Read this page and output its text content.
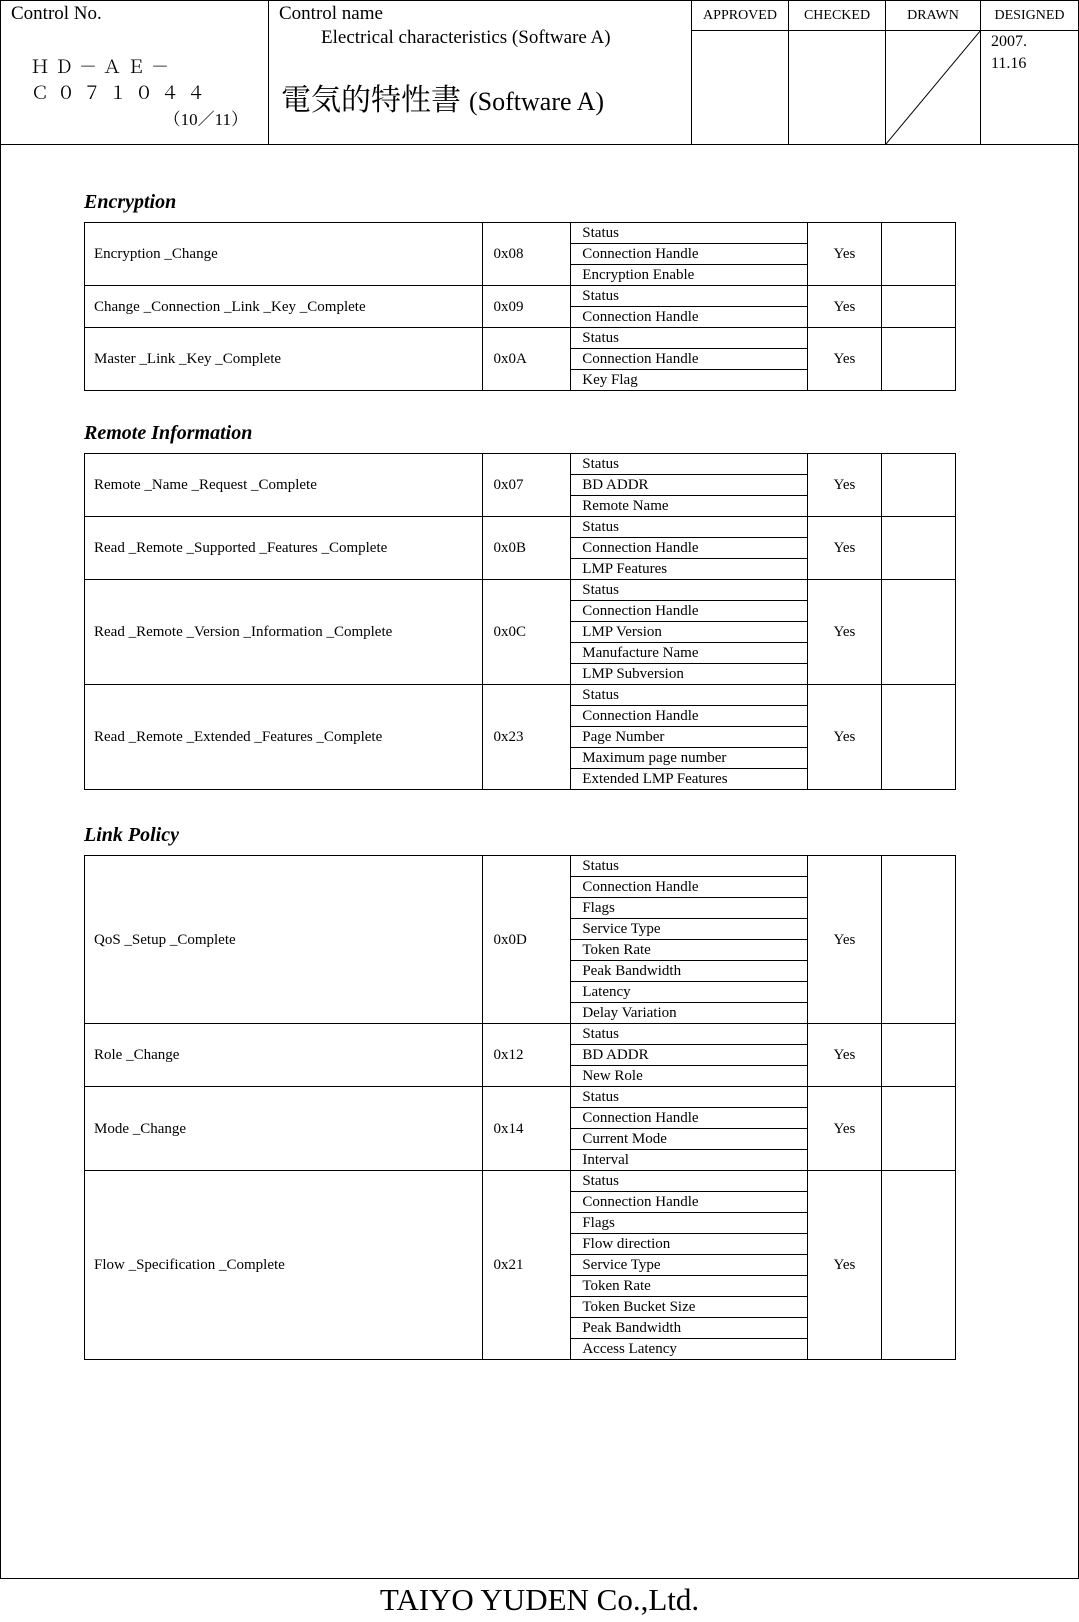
Control No.
ＨＤ－ＡＥ－
Ｃ０７１０４４
（10／11）
Control name
Electrical characteristics (Software A)
電気的特性書 (Software A)
APPROVED	CHECKED	DRAWN	DESIGNED
2007.
11.16
Encryption
Encryption _Change	0x08	Status	Yes	
		Connection Handle		
		Encryption Enable		
Change _Connection _Link _Key _Complete	0x09	Status	Yes	
		Connection Handle		
Master _Link _Key _Complete	0x0A	Status	Yes	
		Connection Handle		
		Key Flag		
Remote Information
Remote _Name _Request _Complete	0x07	Status	Yes	
		BD ADDR		
		Remote Name		
Read _Remote _Supported _Features _Complete	0x0B	Status	Yes	
		Connection Handle		
		LMP Features		
Read _Remote _Version _Information _Complete	0x0C	Status	Yes	
		Connection Handle		
		LMP Version		
		Manufacture Name		
		LMP Subversion		
Read _Remote _Extended _Features _Complete	0x23	Status	Yes	
		Connection Handle		
		Page Number		
		Maximum page number		
		Extended LMP Features		
Link Policy
QoS _Setup _Complete	0x0D	Status	Yes	
		Connection Handle		
		Flags		
		Service Type		
		Token Rate		
		Peak Bandwidth		
		Latency		
		Delay Variation		
Role _Change	0x12	Status	Yes	
		BD ADDR		
		New Role		
Mode _Change	0x14	Status	Yes	
		Connection Handle		
		Current Mode		
		Interval		
Flow _Specification _Complete	0x21	Status	Yes	
		Connection Handle		
		Flags		
		Flow direction		
		Service Type		
		Token Rate		
		Token Bucket Size		
		Peak Bandwidth		
		Access Latency		
TAIYO YUDEN Co.,Ltd.
